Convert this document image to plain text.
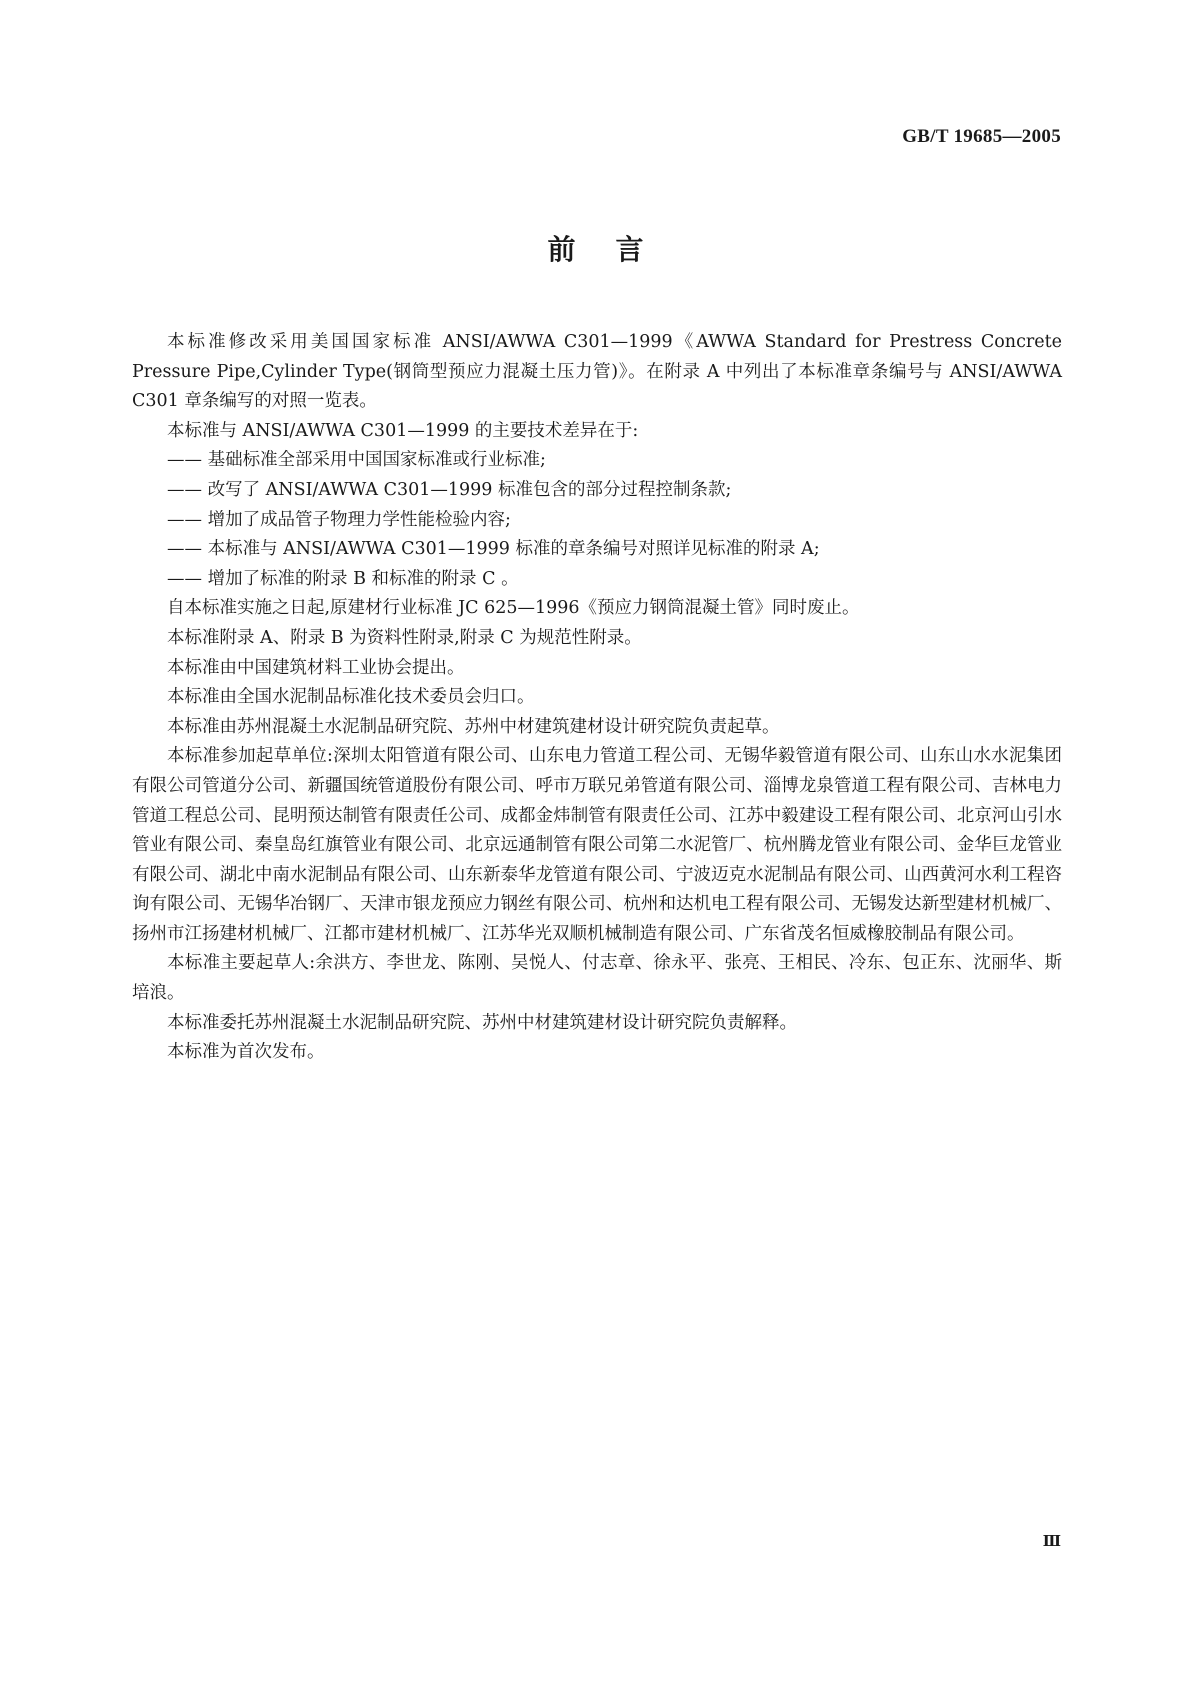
GB/T 19685—2005
前言

本标准修改采用美国国家标准 ANSI/AWWA C301—1999《AWWA Standard for Prestress Concrete Pressure Pipe,Cylinder Type(钢筒型预应力混凝土压力管)》。在附录 A 中列出了本标准章条编号与 ANSI/AWWA C301 章条编写的对照一览表。

本标准与 ANSI/AWWA C301—1999 的主要技术差异在于:

—— 基础标准全部采用中国国家标准或行业标准;

—— 改写了 ANSI/AWWA C301—1999 标准包含的部分过程控制条款;

—— 增加了成品管子物理力学性能检验内容;

—— 本标准与 ANSI/AWWA C301—1999 标准的章条编号对照详见标准的附录 A;

—— 增加了标准的附录 B 和标准的附录 C 。

自本标准实施之日起,原建材行业标准 JC 625—1996《预应力钢筒混凝土管》同时废止。

本标准附录 A、附录 B 为资料性附录,附录 C 为规范性附录。

本标准由中国建筑材料工业协会提出。

本标准由全国水泥制品标准化技术委员会归口。

本标准由苏州混凝土水泥制品研究院、苏州中材建筑建材设计研究院负责起草。

本标准参加起草单位:深圳太阳管道有限公司、山东电力管道工程公司、无锡华毅管道有限公司、山东山水水泥集团有限公司管道分公司、新疆国统管道股份有限公司、呼市万联兄弟管道有限公司、淄博龙泉管道工程有限公司、吉林电力管道工程总公司、昆明预达制管有限责任公司、成都金炜制管有限责任公司、江苏中毅建设工程有限公司、北京河山引水管业有限公司、秦皇岛红旗管业有限公司、北京远通制管有限公司第二水泥管厂、杭州腾龙管业有限公司、金华巨龙管业有限公司、湖北中南水泥制品有限公司、山东新泰华龙管道有限公司、宁波迈克水泥制品有限公司、山西黄河水利工程咨询有限公司、无锡华冶钢厂、天津市银龙预应力钢丝有限公司、杭州和达机电工程有限公司、无锡发达新型建材机械厂、扬州市江扬建材机械厂、江都市建材机械厂、江苏华光双顺机械制造有限公司、广东省茂名恒威橡胶制品有限公司。

本标准主要起草人:余洪方、李世龙、陈刚、吴悦人、付志章、徐永平、张亮、王相民、冷东、包正东、沈丽华、斯培浪。

本标准委托苏州混凝土水泥制品研究院、苏州中材建筑建材设计研究院负责解释。

本标准为首次发布。

Ⅲ
